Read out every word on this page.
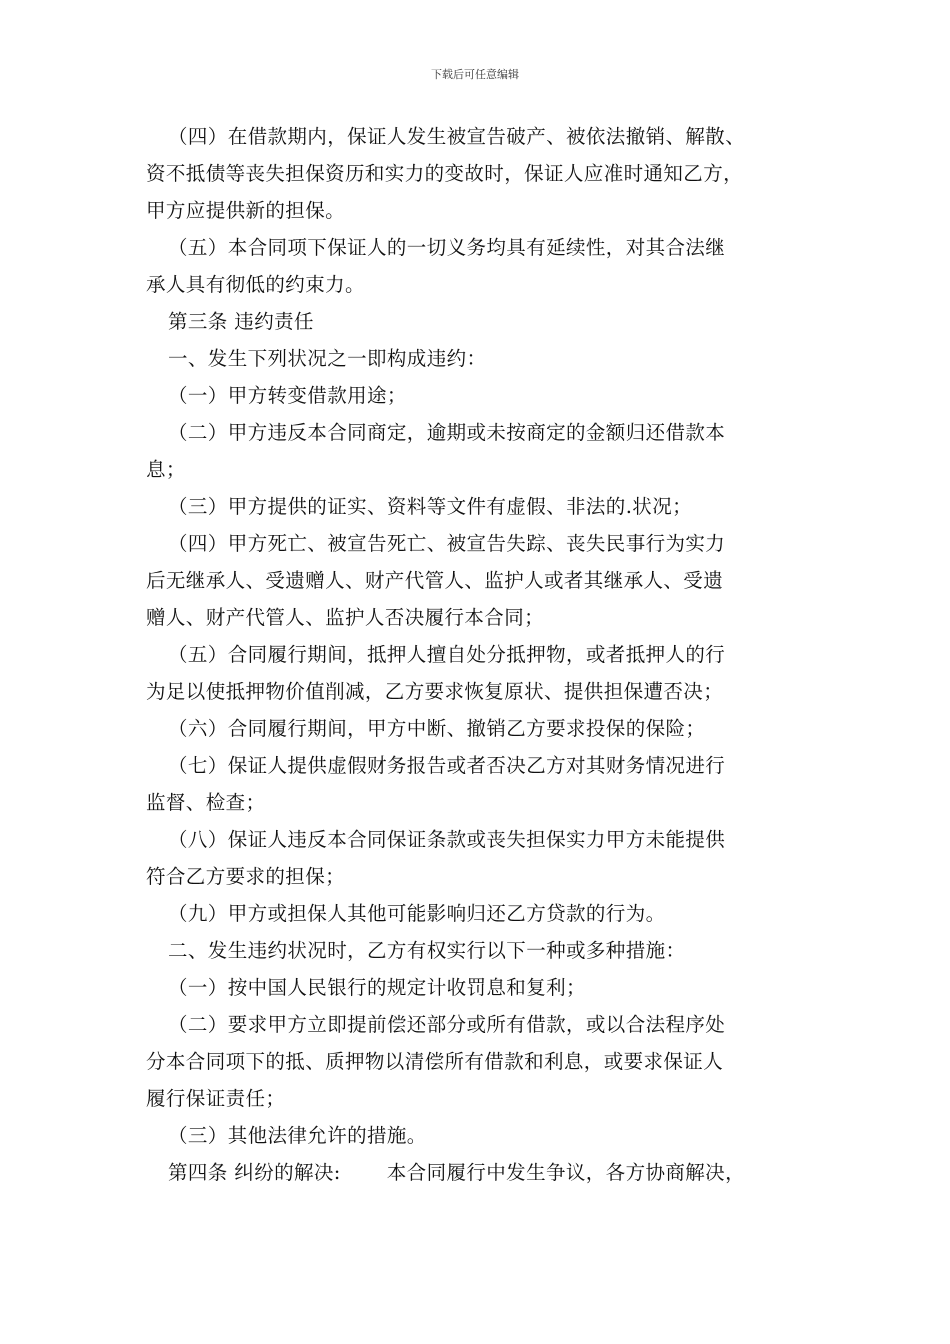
下载后可任意编辑
（四）在借款期内，保证人发生被宣告破产、被依法撤销、解散、
资不抵债等丧失担保资历和实力的变故时，保证人应准时通知乙方，
甲方应提供新的担保。
（五）本合同项下保证人的一切义务均具有延续性，对其合法继
承人具有彻低的约束力。
第三条 违约责任
一、发生下列状况之一即构成违约：
（一）甲方转变借款用途；
（二）甲方违反本合同商定，逾期或未按商定的金额归还借款本
息；
（三）甲方提供的证实、资料等文件有虚假、非法的.状况；
（四）甲方死亡、被宣告死亡、被宣告失踪、丧失民事行为实力
后无继承人、受遗赠人、财产代管人、监护人或者其继承人、受遗
赠人、财产代管人、监护人否决履行本合同；
（五）合同履行期间，抵押人擅自处分抵押物，或者抵押人的行
为足以使抵押物价值削减，乙方要求恢复原状、提供担保遭否决；
（六）合同履行期间，甲方中断、撤销乙方要求投保的保险；
（七）保证人提供虚假财务报告或者否决乙方对其财务情况进行
监督、检查；
（八）保证人违反本合同保证条款或丧失担保实力甲方未能提供
符合乙方要求的担保；
（九）甲方或担保人其他可能影响归还乙方贷款的行为。
二、发生违约状况时，乙方有权实行以下一种或多种措施：
（一）按中国人民银行的规定计收罚息和复利；
（二）要求甲方立即提前偿还部分或所有借款，或以合法程序处
分本合同项下的抵、质押物以清偿所有借款和利息，或要求保证人
履行保证责任；
（三）其他法律允许的措施。
第四条 纠纷的解决: 本合同履行中发生争议，各方协商解决，
